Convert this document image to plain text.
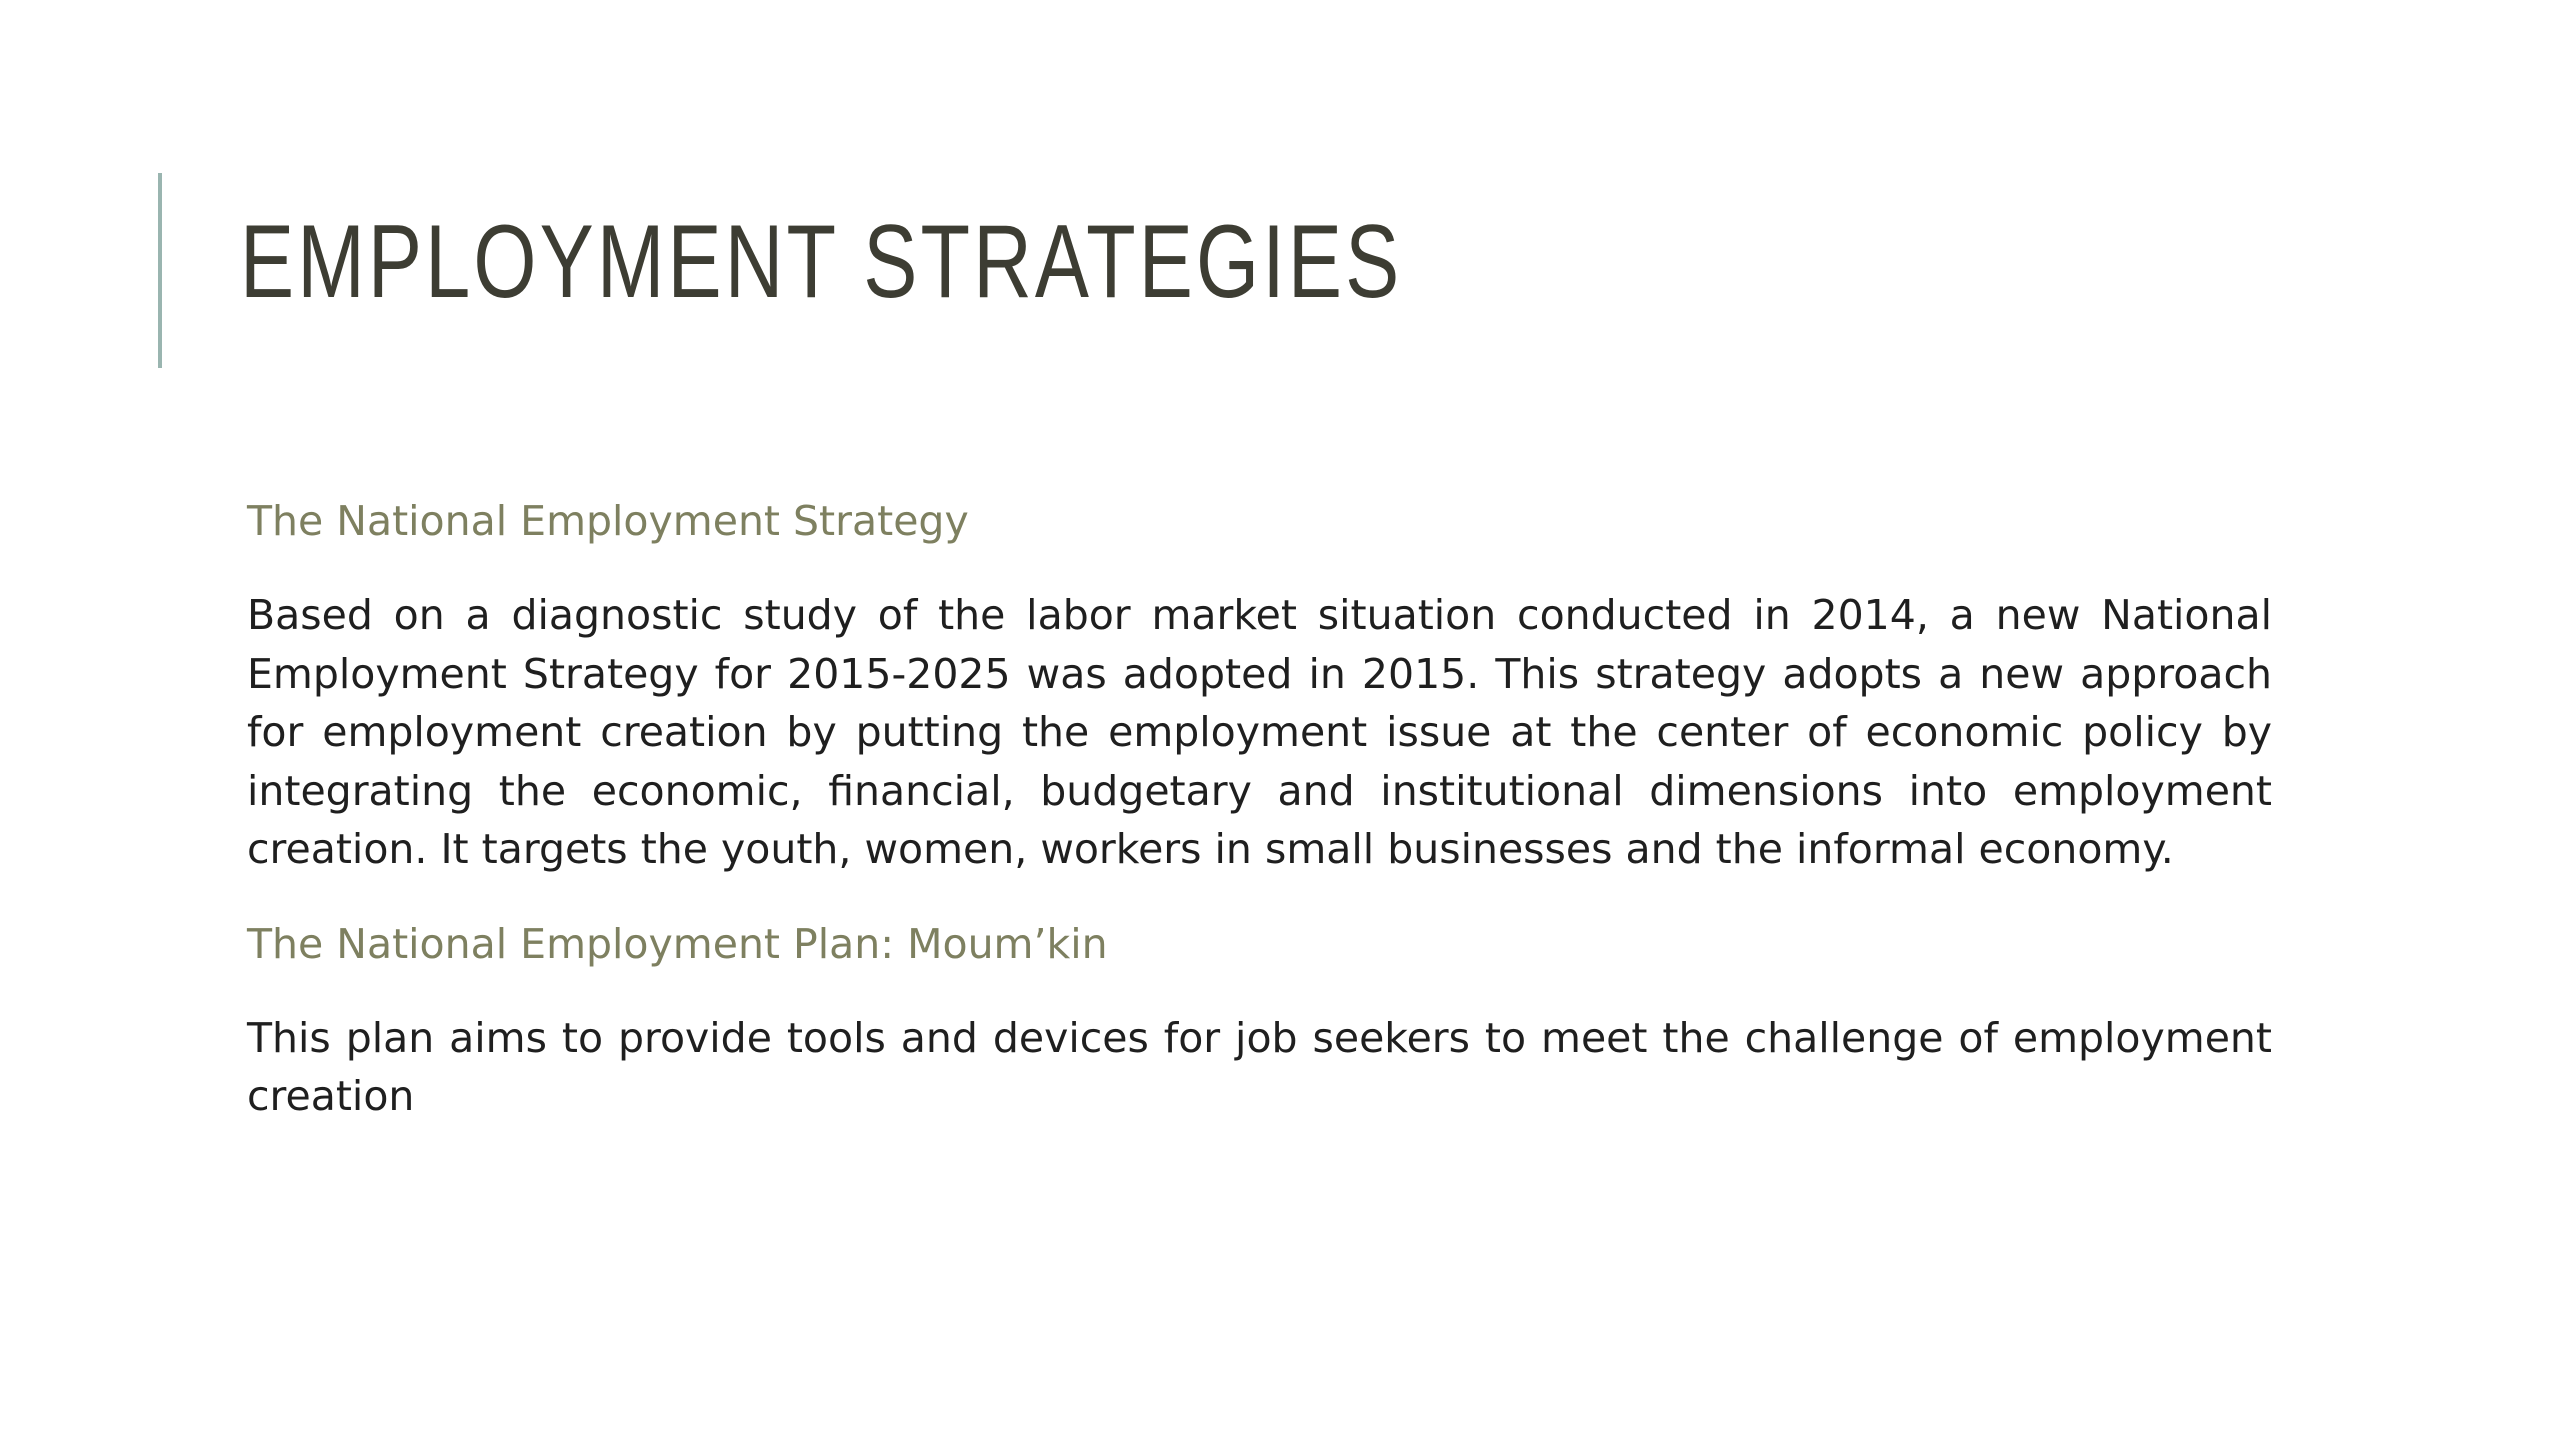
EMPLOYMENT STRATEGIES
The National Employment Strategy

Based on a diagnostic study of the labor market situation conducted in 2014, a new National Employment Strategy for 2015-2025 was adopted in 2015. This strategy adopts a new approach for employment creation by putting the employment issue at the center of economic policy by integrating the economic, financial, budgetary and institutional dimensions into employment creation. It targets the youth, women, workers in small businesses and the informal economy.

The National Employment Plan: Moum’kin

This plan aims to provide tools and devices for job seekers to meet the challenge of employment creation
